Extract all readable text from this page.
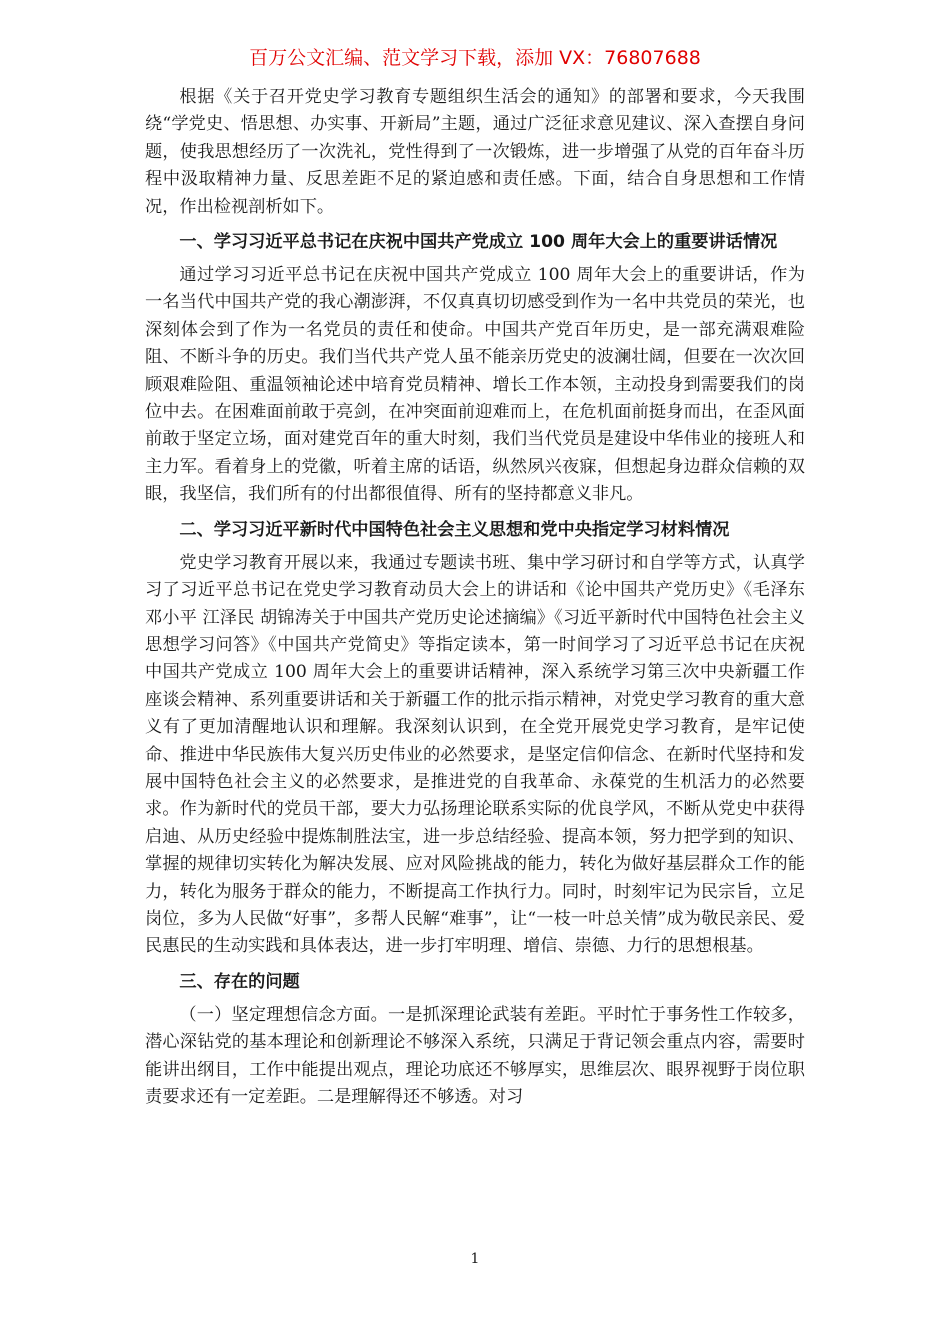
百万公文汇编、范文学习下载，添加 VX：76807688

根据《关于召开党史学习教育专题组织生活会的通知》的部署和要求，今天我围绕“学党史、悟思想、办实事、开新局”主题，通过广泛征求意见建议、深入查摆自身问题，使我思想经历了一次洗礼，党性得到了一次锻炼，进一步增强了从党的百年奋斗历程中汲取精神力量、反思差距不足的紧迫感和责任感。下面，结合自身思想和工作情况，作出检视剖析如下。

一、学习习近平总书记在庆祝中国共产党成立 100 周年大会上的重要讲话情况

通过学习习近平总书记在庆祝中国共产党成立 100 周年大会上的重要讲话，作为一名当代中国共产党的我心潮澎湃，不仅真真切切感受到作为一名中共党员的荣光，也深刻体会到了作为一名党员的责任和使命。中国共产党百年历史，是一部充满艰难险阻、不断斗争的历史。我们当代共产党人虽不能亲历党史的波澜壮阔，但要在一次次回顾艰难险阻、重温领袖论述中培育党员精神、增长工作本领，主动投身到需要我们的岗位中去。在困难面前敢于亮剑，在冲突面前迎难而上，在危机面前挺身而出，在歪风面前敢于坚定立场，面对建党百年的重大时刻，我们当代党员是建设中华伟业的接班人和主力军。看着身上的党徽，听着主席的话语，纵然夙兴夜寐，但想起身边群众信赖的双眼，我坚信，我们所有的付出都很值得、所有的坚持都意义非凡。

二、学习习近平新时代中国特色社会主义思想和党中央指定学习材料情况

党史学习教育开展以来，我通过专题读书班、集中学习研讨和自学等方式，认真学习了习近平总书记在党史学习教育动员大会上的讲话和《论中国共产党历史》《毛泽东 邓小平 江泽民 胡锦涛关于中国共产党历史论述摘编》《习近平新时代中国特色社会主义思想学习问答》《中国共产党简史》等指定读本，第一时间学习了习近平总书记在庆祝中国共产党成立 100 周年大会上的重要讲话精神，深入系统学习第三次中央新疆工作座谈会精神、系列重要讲话和关于新疆工作的批示指示精神，对党史学习教育的重大意义有了更加清醒地认识和理解。我深刻认识到，在全党开展党史学习教育，是牢记使命、推进中华民族伟大复兴历史伟业的必然要求，是坚定信仰信念、在新时代坚持和发展中国特色社会主义的必然要求，是推进党的自我革命、永葆党的生机活力的必然要求。作为新时代的党员干部，要大力弘扬理论联系实际的优良学风，不断从党史中获得启迪、从历史经验中提炼制胜法宝，进一步总结经验、提高本领，努力把学到的知识、掌握的规律切实转化为解决发展、应对风险挑战的能力，转化为做好基层群众工作的能力，转化为服务于群众的能力，不断提高工作执行力。同时，时刻牢记为民宗旨，立足岗位，多为人民做“好事”，多帮人民解“难事”，让“一枝一叶总关情”成为敬民亲民、爱民惠民的生动实践和具体表达，进一步打牢明理、增信、崇德、力行的思想根基。

三、存在的问题

（一）坚定理想信念方面。一是抓深理论武装有差距。平时忙于事务性工作较多，潜心深钻党的基本理论和创新理论不够深入系统，只满足于背记领会重点内容，需要时能讲出纲目，工作中能提出观点，理论功底还不够厚实，思维层次、眼界视野于岗位职责要求还有一定差距。二是理解得还不够透。对习

1
